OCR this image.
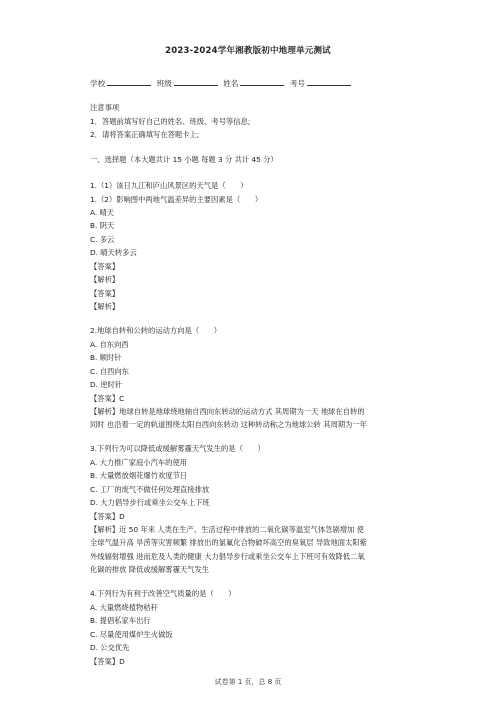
2023-2024学年湘教版初中地理单元测试
学校	班级	姓名	考号
注意事项
1．答题前填写好自己的姓名、班级、考号等信息;
2．请将答案正确填写在答题卡上;
一、选择题（本大题共计 15 小题 每题 3 分 共计 45 分）
1.（1）该日九江和庐山风景区的天气是（　　）
1.（2）影响图中两地气温差异的主要因素是（　　）
A. 晴天
B. 阴天
C. 多云
D. 晴天转多云
【答案】
【解析】
【答案】
【解析】
2.地球自转和公转的运动方向是（　　）
A. 自东向西
B. 顺时针
C. 自西向东
D. 逆时针
【答案】C
【解析】地球自转是地球绕地轴自西向东转动的运动方式 其周期为一天 地球在自转的
同时 也沿着一定的轨道围绕太阳自西向东转动 这种转动称之为地球公转 其周期为一年
3.下列行为可以降低或缓解雾霾天气发生的是（　　）
A. 大力推广家庭小汽车的使用
B. 大量燃放烟花爆竹欢度节日
C. 工厂的废气不做任何处理直接排放
D. 大力倡导步行或乘坐公交车上下班
【答案】D
【解析】近 50 年来 人类在生产、生活过程中排放的二氧化碳等温室气体急剧增加 使
全球气温升高 旱涝等灾害频繁 排放出的氯氟化合物破坏高空的臭氧层 导致地面太阳紫
外线辐射增强 进而危及人类的健康 大力倡导步行或乘坐公交车上下班可有效降低二氧
化碳的排放 降低或缓解雾霾天气发生
4.下列行为有利于改善空气质量的是（　　）
A. 大量燃烧植物秸秆
B. 提倡私家车出行
C. 尽量使用煤炉生火做饭
D. 公交优先
【答案】D
试卷第 1 页，总 8 页
